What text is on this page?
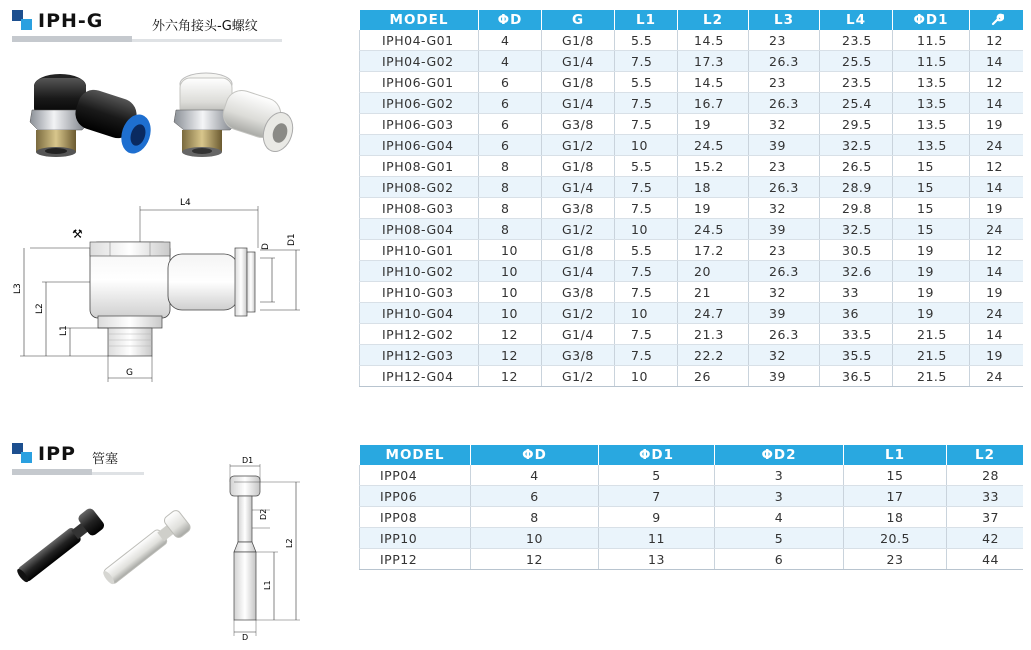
IPH-G	外六角接头-G螺纹
L4
⚒
D
D1
L3
L2
L1
G
MODEL	ΦD	G	L1	L2	L3	L4	ΦD1	
IPH04-G01	4	G1/8	5.5	14.5	23	23.5	11.5	12
IPH04-G02	4	G1/4	7.5	17.3	26.3	25.5	11.5	14
IPH06-G01	6	G1/8	5.5	14.5	23	23.5	13.5	12
IPH06-G02	6	G1/4	7.5	16.7	26.3	25.4	13.5	14
IPH06-G03	6	G3/8	7.5	19	32	29.5	13.5	19
IPH06-G04	6	G1/2	10	24.5	39	32.5	13.5	24
IPH08-G01	8	G1/8	5.5	15.2	23	26.5	15	12
IPH08-G02	8	G1/4	7.5	18	26.3	28.9	15	14
IPH08-G03	8	G3/8	7.5	19	32	29.8	15	19
IPH08-G04	8	G1/2	10	24.5	39	32.5	15	24
IPH10-G01	10	G1/8	5.5	17.2	23	30.5	19	12
IPH10-G02	10	G1/4	7.5	20	26.3	32.6	19	14
IPH10-G03	10	G3/8	7.5	21	32	33	19	19
IPH10-G04	10	G1/2	10	24.7	39	36	19	24
IPH12-G02	12	G1/4	7.5	21.3	26.3	33.5	21.5	14
IPH12-G03	12	G3/8	7.5	22.2	32	35.5	21.5	19
IPH12-G04	12	G1/2	10	26	39	36.5	21.5	24
IPP 管塞	D1
D2
L2
L1
D
MODEL	ΦD	ΦD1	ΦD2	L1	L2
IPP04	4	5	3	15	28
IPP06	6	7	3	17	33
IPP08	8	9	4	18	37
IPP10	10	11	5	20.5	42
IPP12	12	13	6	23	44
